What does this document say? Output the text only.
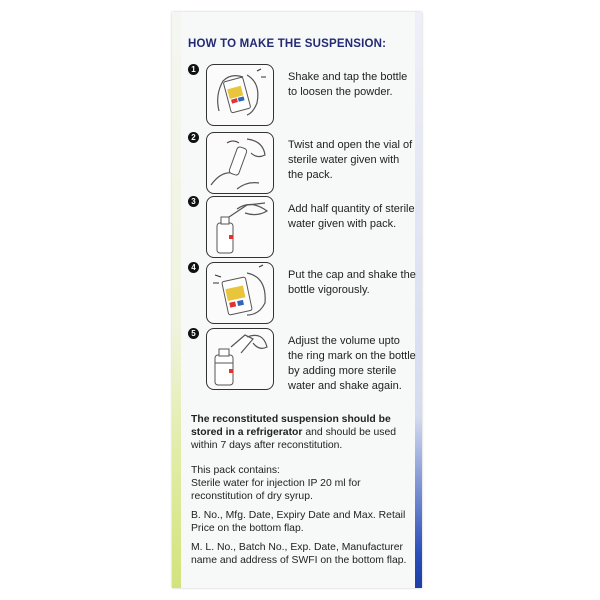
HOW TO MAKE THE SUSPENSION:
1
Shake and tap the bottle to loosen the powder.
2
Twist and open the vial of sterile water given with the pack.
3
Add half quantity of sterile water given with pack.
4
Put the cap and shake the bottle vigorously.
5
Adjust the volume upto the ring mark on the bottle by adding more sterile water and shake again.

The reconstituted suspension should be stored in a refrigerator and should be used within 7 days after reconstitution.

This pack contains:

Sterile water for injection IP 20 ml for reconstitution of dry syrup.

B. No., Mfg. Date, Expiry Date and Max. Retail Price on the bottom flap.

M. L. No., Batch No., Exp. Date, Manufacturer name and address of SWFI on the bottom flap.
